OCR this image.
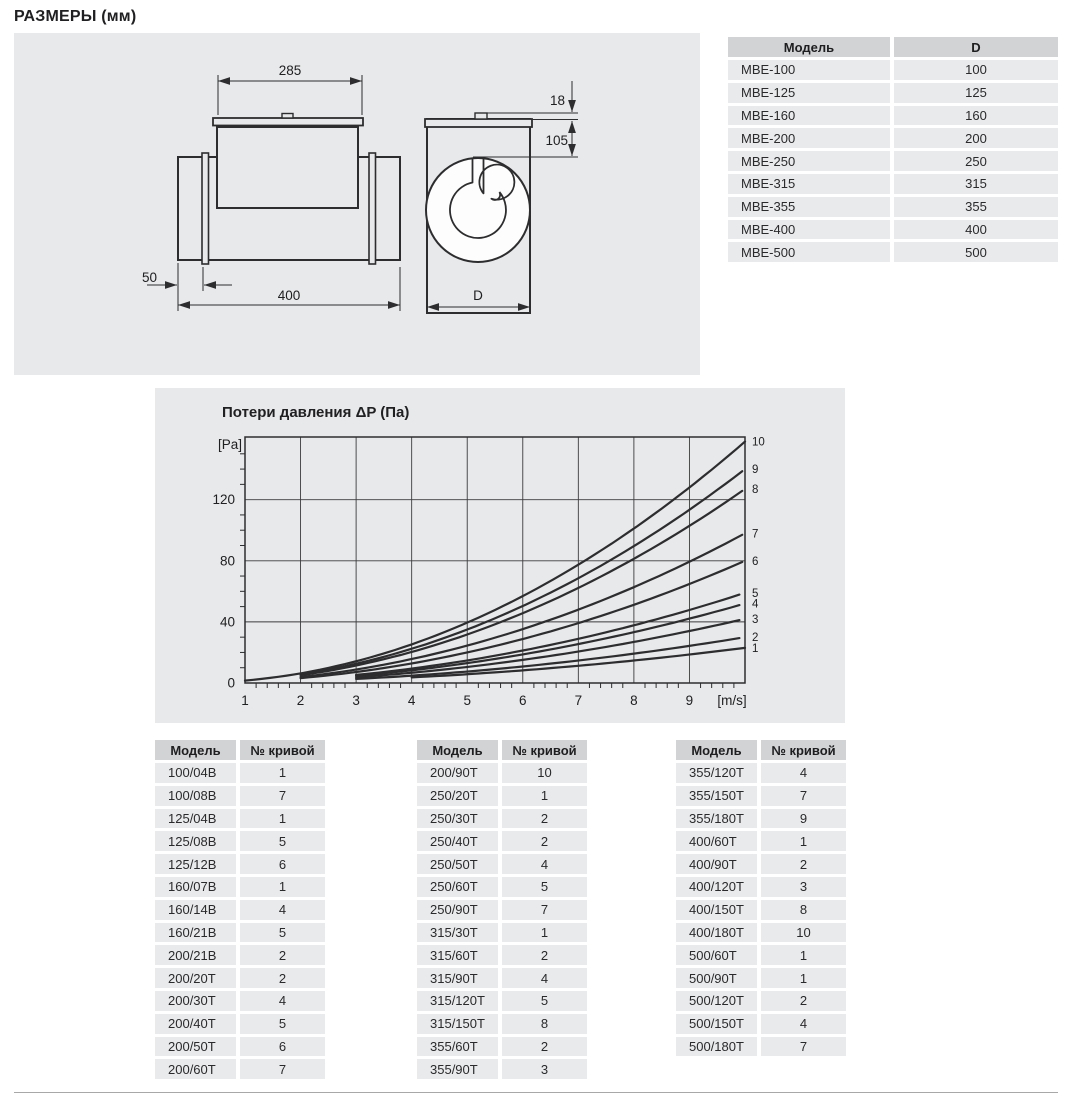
РАЗМЕРЫ (мм)
285
50
400
18
105
D
Модель	D
МВЕ-100	100
МВЕ-125	125
МВЕ-160	160
МВЕ-200	200
МВЕ-250	250
МВЕ-315	315
МВЕ-355	355
МВЕ-400	400
МВЕ-500	500
Потери давления ΔP (Па)
1
2
3
4
5
6
7
8
9
10
1	2	3	4	5	6	7	8	9
0
40
80
120
[Pa]
[m/s]
Модель	№ кривой
100/04B	1
100/08B	7
125/04B	1
125/08B	5
125/12B	6
160/07B	1
160/14B	4
160/21B	5
200/21B	2
200/20T	2
200/30T	4
200/40T	5
200/50T	6
200/60T	7
Модель	№ кривой
200/90T	10
250/20T	1
250/30T	2
250/40T	2
250/50T	4
250/60T	5
250/90T	7
315/30T	1
315/60T	2
315/90T	4
315/120T	5
315/150T	8
355/60T	2
355/90T	3
Модель	№ кривой
355/120T	4
355/150T	7
355/180T	9
400/60T	1
400/90T	2
400/120T	3
400/150T	8
400/180T	10
500/60T	1
500/90T	1
500/120T	2
500/150T	4
500/180T	7
